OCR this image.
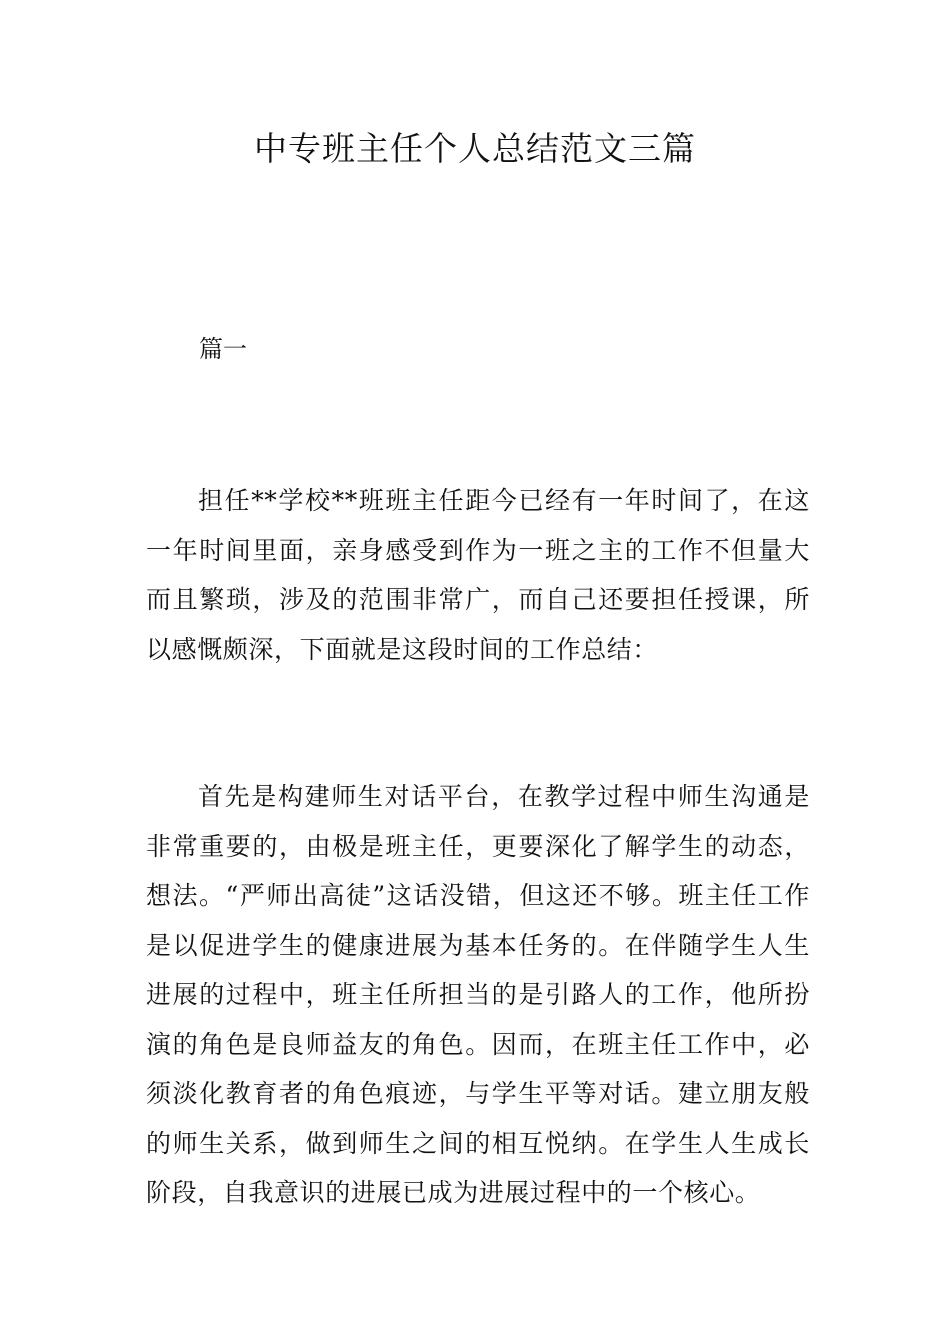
中专班主任个人总结范文三篇

篇一

担任**学校**班班主任距今已经有一年时间了，在这一年时间里面，亲身感受到作为一班之主的工作不但量大而且繁琐，涉及的范围非常广，而自己还要担任授课，所以感慨颇深，下面就是这段时间的工作总结：

首先是构建师生对话平台，在教学过程中师生沟通是非常重要的，由极是班主任，更要深化了解学生的动态，想法。“严师出高徒”这话没错，但这还不够。班主任工作是以促进学生的健康进展为基本任务的。在伴随学生人生进展的过程中，班主任所担当的是引路人的工作，他所扮演的角色是良师益友的角色。因而，在班主任工作中，必须淡化教育者的角色痕迹，与学生平等对话。建立朋友般的师生关系，做到师生之间的相互悦纳。在学生人生成长阶段，自我意识的进展已成为进展过程中的一个核心。
